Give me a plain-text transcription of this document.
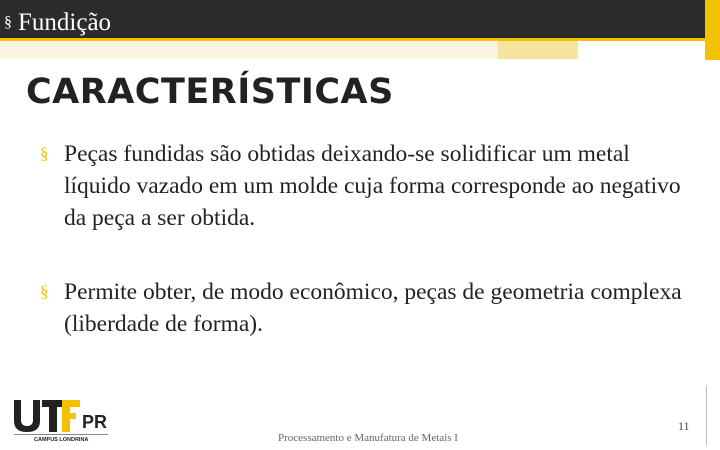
§ Fundição
CARACTERÍSTICAS
§ Peças fundidas são obtidas deixando-se solidificar um metal líquido vazado em um molde cuja forma corresponde ao negativo da peça a ser obtida.
§ Permite obter, de modo econômico, peças de geometria complexa (liberdade de forma).
PR
CAMPUS LONDRINA	Processamento e Manufatura de Metais I
11
